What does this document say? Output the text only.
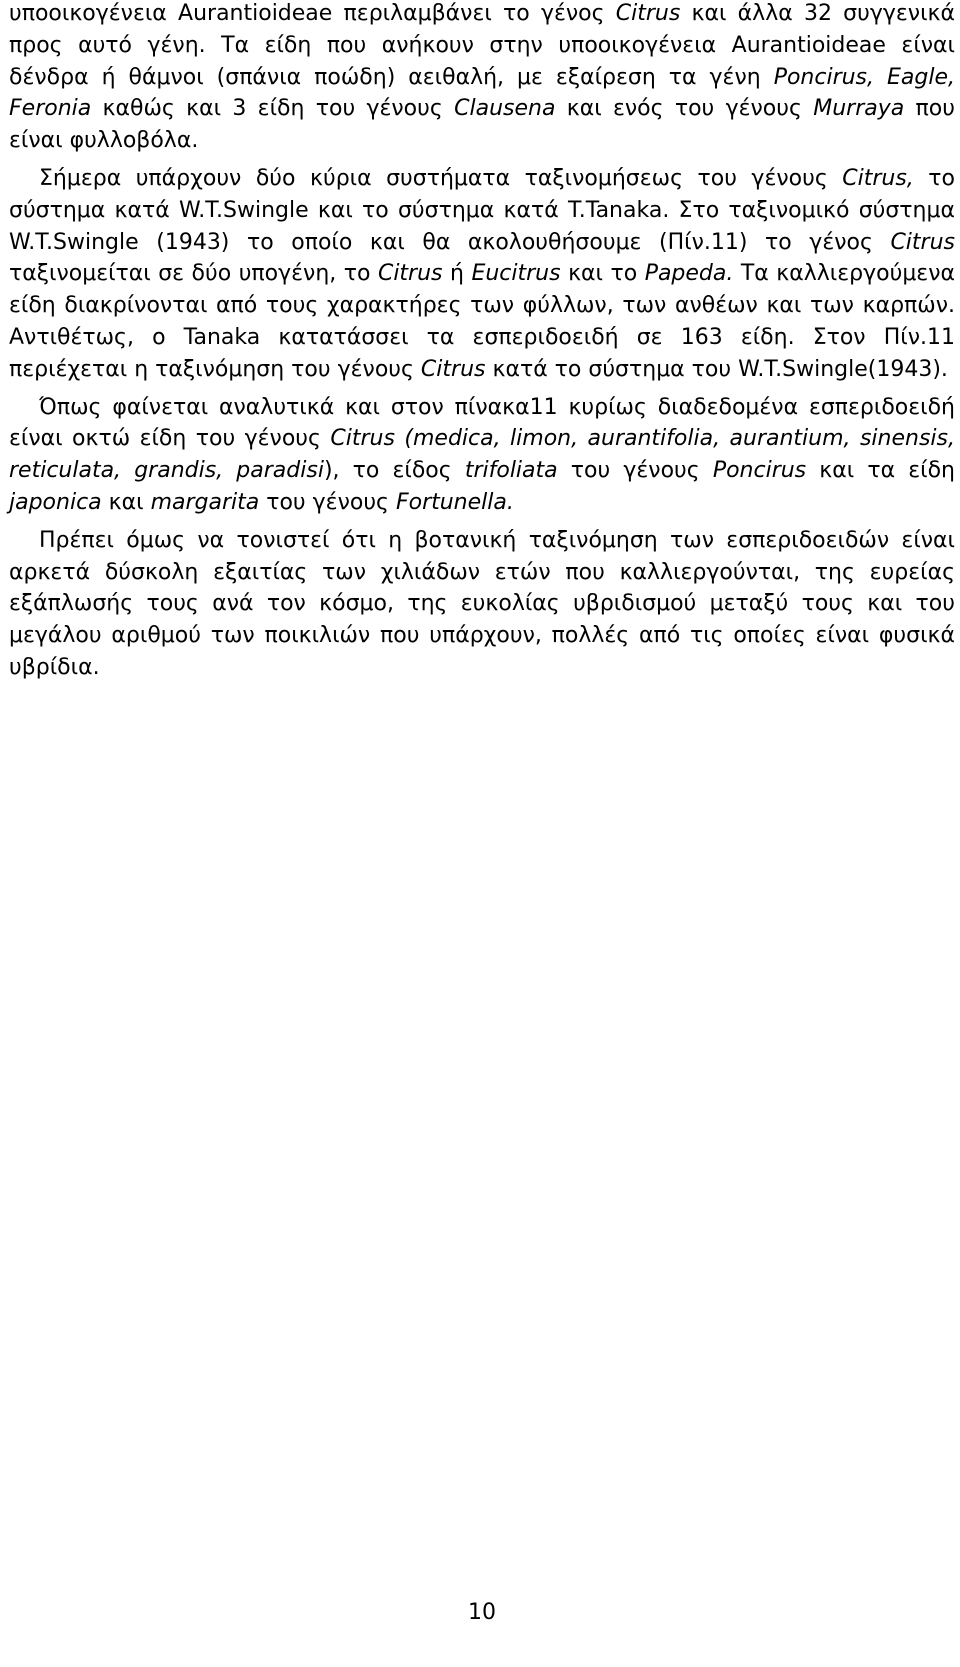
υποοικογένεια Aurantioideae περιλαμβάνει το γένος Citrus και άλλα 32 συγγενικά προς αυτό γένη. Τα είδη που ανήκουν στην υποοικογένεια Aurantioideae είναι δένδρα ή θάμνοι (σπάνια ποώδη) αειθαλή, με εξαίρεση τα γένη Poncirus, Eagle, Feronia καθώς και 3 είδη του γένους Clausena και ενός του γένους Murraya που είναι φυλλοβόλα.

Σήμερα υπάρχουν δύο κύρια συστήματα ταξινομήσεως του γένους Citrus, το σύστημα κατά W.T.Swingle και το σύστημα κατά T.Tanaka. Στο ταξινομικό σύστημα W.T.Swingle (1943) το οποίο και θα ακολουθήσουμε (Πίν.11) το γένος Citrus ταξινομείται σε δύο υπογένη, το Citrus ή Eucitrus και το Papeda. Τα καλλιεργούμενα είδη διακρίνονται από τους χαρακτήρες των φύλλων, των ανθέων και των καρπών. Αντιθέτως, ο Tanaka κατατάσσει τα εσπεριδοειδή σε 163 είδη. Στον Πίν.11 περιέχεται η ταξινόμηση του γένους Citrus κατά το σύστημα του W.T.Swingle(1943).

Όπως φαίνεται αναλυτικά και στον πίνακα11 κυρίως διαδεδομένα εσπεριδοειδή είναι οκτώ είδη του γένους Citrus (medica, limon, aurantifolia, aurantium, sinensis, reticulata, grandis, paradisi), το είδος trifoliata του γένους Poncirus και τα είδη japonica και margarita του γένους Fortunella.

Πρέπει όμως να τονιστεί ότι η βοτανική ταξινόμηση των εσπεριδοειδών είναι αρκετά δύσκολη εξαιτίας των χιλιάδων ετών που καλλιεργούνται, της ευρείας εξάπλωσής τους ανά τον κόσμο, της ευκολίας υβριδισμού μεταξύ τους και του μεγάλου αριθμού των ποικιλιών που υπάρχουν, πολλές από τις οποίες είναι φυσικά υβρίδια.

10
